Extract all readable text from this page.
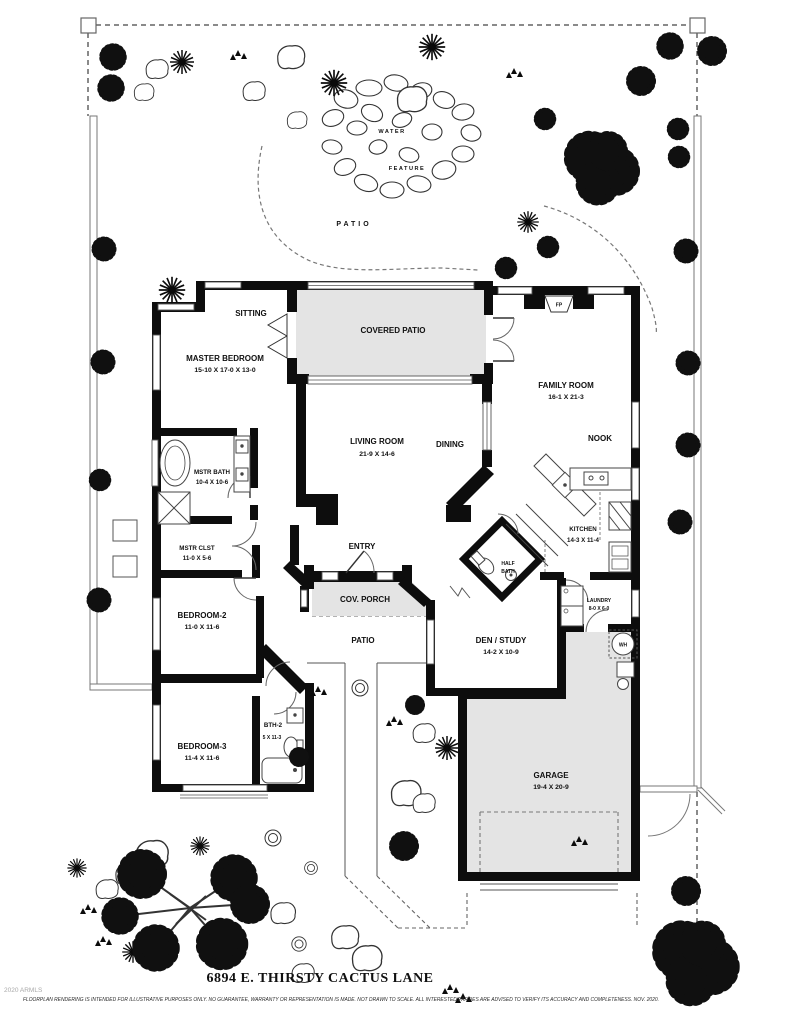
FP
WH
SITTING
MASTER BEDROOM
15-10 X 17-0 X 13-0
COVERED PATIO
FAMILY ROOM
16-1 X 21-3
LIVING ROOM
21-9 X 14-6
DINING
NOOK
MSTR BATH
10-4 X 10-6
KITCHEN
14-3 X 11-4
MSTR CLST
11-0 X 5-6
ENTRY
HALF
BATH
COV. PORCH	LAUNDRY
8-0 X 6-0
BEDROOM-2
11-0 X 11-6
DEN / STUDY
14-2 X 10-9
PATIO
PATIO
WATER
FEATURE
BTH-2
5 X 11-3
BEDROOM-3
11-4 X 11-6
GARAGE
19-4 X 20-9
6894 E. THIRSTY CACTUS LANE
2020 ARMLS
FLOORPLAN RENDERING IS INTENDED FOR ILLUSTRATIVE PURPOSES ONLY. NO GUARANTEE, WARRANTY OR REPRESENTATION IS MADE. NOT DRAWN TO SCALE. ALL INTERESTED PARTIES ARE ADVISED TO VERIFY ITS ACCURACY AND COMPLETENESS. NOV. 2020.
